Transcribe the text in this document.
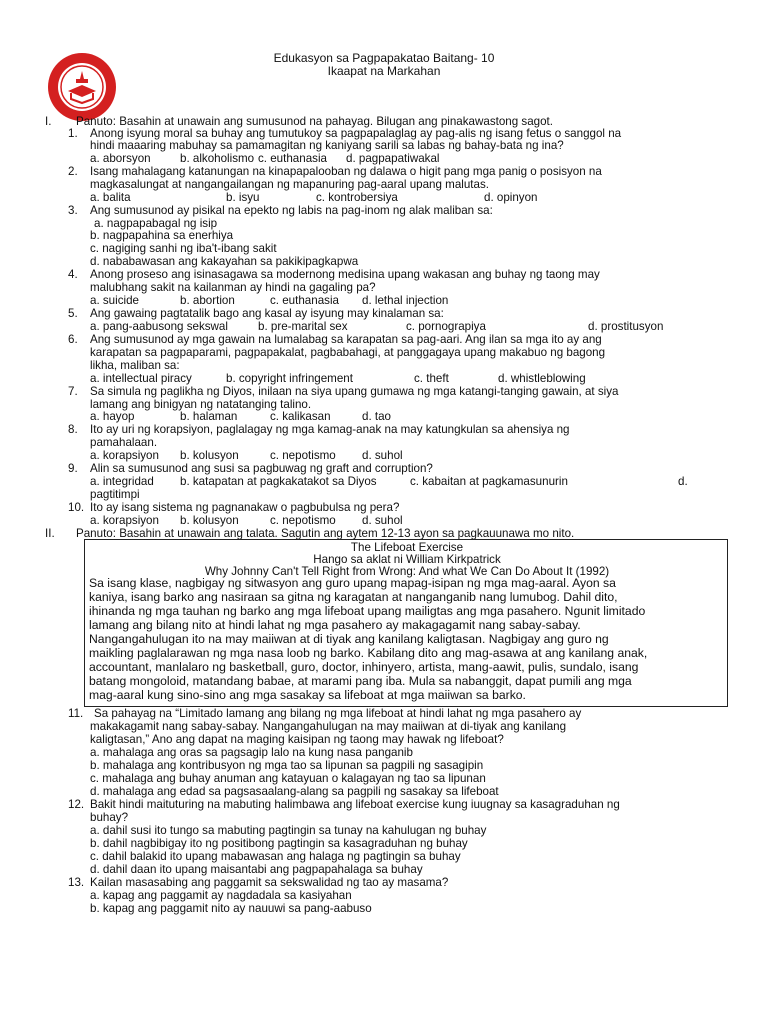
Edukasyon sa Pagpapakatao Baitang- 10
Ikaapat na Markahan
I. Panuto: Basahin at unawain ang sumusunod na pahayag. Bilugan ang pinakawastong sagot.
1. Anong isyung moral sa buhay ang tumutukoy sa pagpapalaglag ay pag-alis ng isang fetus o sanggol na
hindi maaaring mabuhay sa pamamagitan ng kaniyang sarili sa labas ng bahay-bata ng ina?
a. aborsyon	b. alkoholismo c. euthanasia d. pagpapatiwakal
2. Isang mahalagang katanungan na kinapapalooban ng dalawa o higit pang mga panig o posisyon na
magkasalungat at nangangailangan ng mapanuring pag-aaral upang malutas.
a. balita	b. isyu	c. kontrobersiya	d. opinyon
3. Ang sumusunod ay pisikal na epekto ng labis na pag-inom ng alak maliban sa:
a. nagpapabagal ng isip
b. nagpapahina sa enerhiya
c. nagiging sanhi ng iba't-ibang sakit
d. nababawasan ang kakayahan sa pakikipagkapwa
4. Anong proseso ang isinasagawa sa modernong medisina upang wakasan ang buhay ng taong may
malubhang sakit na kailanman ay hindi na gagaling pa?
a. suicide	b. abortion	c. euthanasia d. lethal injection
5. Ang gawaing pagtatalik bago ang kasal ay isyung may kinalaman sa:
a. pang-aabusong sekswal	b. pre-marital sex	c. pornograpiya	d. prostitusyon
6. Ang sumusunod ay mga gawain na lumalabag sa karapatan sa pag-aari. Ang ilan sa mga ito ay ang
karapatan sa pagpaparami, pagpapakalat, pagbabahagi, at panggagaya upang makabuo ng bagong
likha, maliban sa:
a. intellectual piracy	b. copyright infringement	c. theft	d. whistleblowing
7. Sa simula ng paglikha ng Diyos, inilaan na siya upang gumawa ng mga katangi-tanging gawain, at siya
lamang ang binigyan ng natatanging talino.
a. hayop	b. halaman	c. kalikasan	d. tao
8. Ito ay uri ng korapsiyon, paglalagay ng mga kamag-anak na may katungkulan sa ahensiya ng
pamahalaan.
a. korapsiyon b. kolusyon	c. nepotismo d. suhol
9. Alin sa sumusunod ang susi sa pagbuwag ng graft and corruption?
a. integridad b. katapatan at pagkakatakot sa Diyos	c. kabaitan at pagkamasunurin	d.
pagtitimpi
10. Ito ay isang sistema ng pagnanakaw o pagbubulsa ng pera?
a. korapsiyon b. kolusyon	c. nepotismo d. suhol
II. Panuto: Basahin at unawain ang talata. Sagutin ang aytem 12-13 ayon sa pagkauunawa mo nito.
The Lifeboat Exercise
Hango sa aklat ni William Kirkpatrick
Why Johnny Can't Tell Right from Wrong: And what We Can Do About It (1992)
Sa isang klase, nagbigay ng sitwasyon ang guro upang mapag-isipan ng mga mag-aaral. Ayon sa
kaniya, isang barko ang nasiraan sa gitna ng karagatan at nanganganib nang lumubog. Dahil dito,
ihinanda ng mga tauhan ng barko ang mga lifeboat upang mailigtas ang mga pasahero. Ngunit limitado
lamang ang bilang nito at hindi lahat ng mga pasahero ay makagagamit nang sabay-sabay.
Nangangahulugan ito na may maiiwan at di tiyak ang kanilang kaligtasan. Nagbigay ang guro ng
maikling paglalarawan ng mga nasa loob ng barko. Kabilang dito ang mag-asawa at ang kanilang anak,
accountant, manlalaro ng basketball, guro, doctor, inhinyero, artista, mang-aawit, pulis, sundalo, isang
batang mongoloid, matandang babae, at marami pang iba. Mula sa nabanggit, dapat pumili ang mga
mag-aaral kung sino-sino ang mga sasakay sa lifeboat at mga maiiwan sa barko.
11. Sa pahayag na “Limitado lamang ang bilang ng mga lifeboat at hindi lahat ng mga pasahero ay
makakagamit nang sabay-sabay. Nangangahulugan na may maiiwan at di-tiyak ang kanilang
kaligtasan,” Ano ang dapat na maging kaisipan ng taong may hawak ng lifeboat?
a. mahalaga ang oras sa pagsagip lalo na kung nasa panganib
b. mahalaga ang kontribusyon ng mga tao sa lipunan sa pagpili ng sasagipin
c. mahalaga ang buhay anuman ang katayuan o kalagayan ng tao sa lipunan
d. mahalaga ang edad sa pagsasaalang-alang sa pagpili ng sasakay sa lifeboat
12. Bakit hindi maituturing na mabuting halimbawa ang lifeboat exercise kung iuugnay sa kasagraduhan ng
buhay?
a. dahil susi ito tungo sa mabuting pagtingin sa tunay na kahulugan ng buhay
b. dahil nagbibigay ito ng positibong pagtingin sa kasagraduhan ng buhay
c. dahil balakid ito upang mabawasan ang halaga ng pagtingin sa buhay
d. dahil daan ito upang maisantabi ang pagpapahalaga sa buhay
13. Kailan masasabing ang paggamit sa sekswalidad ng tao ay masama?
a. kapag ang paggamit ay nagdadala sa kasiyahan
b. kapag ang paggamit nito ay nauuwi sa pang-aabuso
